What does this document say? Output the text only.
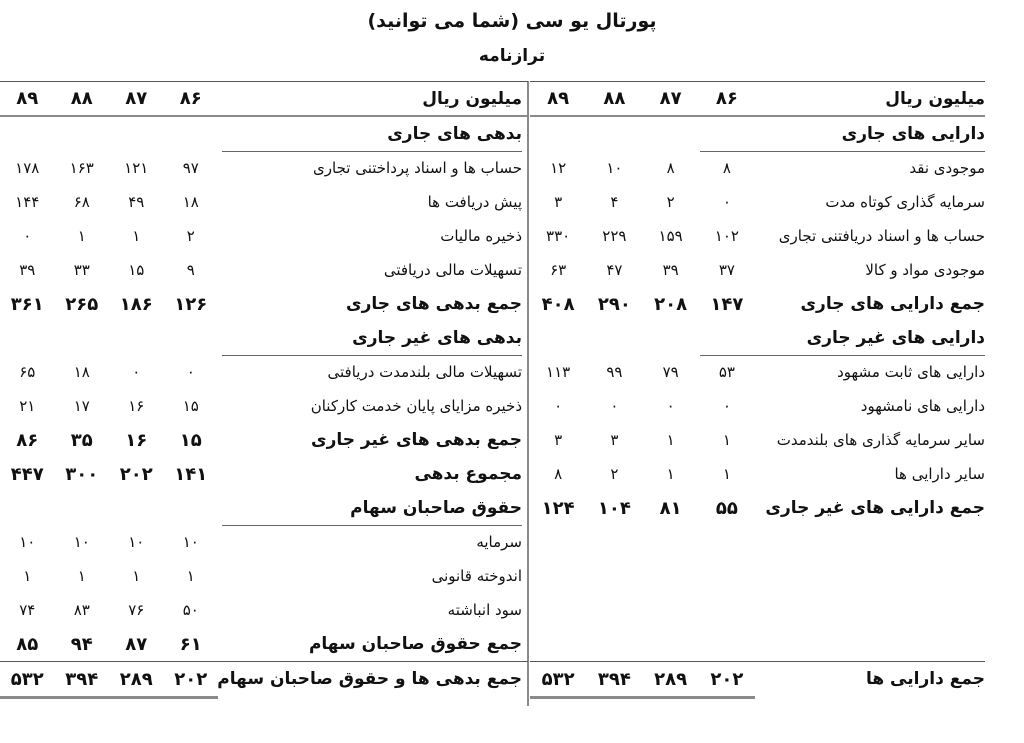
پورتال یو سی (شما می توانید)
ترازنامه
میلیون ریال
۸۹	۸۸	۸۷	۸۶
دارایی های جاری
موجودی نقد
۱۲	۱۰	۸	۸
سرمایه گذاری کوتاه مدت
۳	۴	۲	۰
حساب ها و اسناد دریافتنی تجاری
۳۳۰	۲۲۹	۱۵۹	۱۰۲
موجودی مواد و کالا
۶۳	۴۷	۳۹	۳۷
جمع دارایی های جاری
۴۰۸	۲۹۰	۲۰۸	۱۴۷
دارایی های غیر جاری
دارایی های ثابت مشهود
۱۱۳	۹۹	۷۹	۵۳
دارایی های نامشهود
۰	۰	۰	۰
سایر سرمایه گذاری های بلندمدت
۳	۳	۱	۱
سایر دارایی ها
۸	۲	۱	۱
جمع دارایی های غیر جاری
۱۲۴	۱۰۴	۸۱	۵۵
جمع دارایی ها
۵۳۲	۳۹۴	۲۸۹	۲۰۲
میلیون ریال
۸۹	۸۸	۸۷	۸۶
بدهی های جاری
حساب ها و اسناد پرداختنی تجاری
۱۷۸	۱۶۳	۱۲۱	۹۷
پیش دریافت ها
۱۴۴	۶۸	۴۹	۱۸
ذخیره مالیات
۰	۱	۱	۲
تسهیلات مالی دریافتی
۳۹	۳۳	۱۵	۹
جمع بدهی های جاری
۳۶۱	۲۶۵	۱۸۶	۱۲۶
بدهی های غیر جاری
تسهیلات مالی بلندمدت دریافتی
۶۵	۱۸	۰	۰
ذخیره مزایای پایان خدمت کارکنان
۲۱	۱۷	۱۶	۱۵
جمع بدهی های غیر جاری
۸۶	۳۵	۱۶	۱۵
مجموع بدهی
۴۴۷	۳۰۰	۲۰۲	۱۴۱
حقوق صاحبان سهام
سرمایه
۱۰	۱۰	۱۰	۱۰
اندوخته قانونی
۱	۱	۱	۱
سود انباشته
۷۴	۸۳	۷۶	۵۰
جمع حقوق صاحبان سهام
۸۵	۹۴	۸۷	۶۱
جمع بدهی ها و حقوق صاحبان سهام
۵۳۲	۳۹۴	۲۸۹	۲۰۲
